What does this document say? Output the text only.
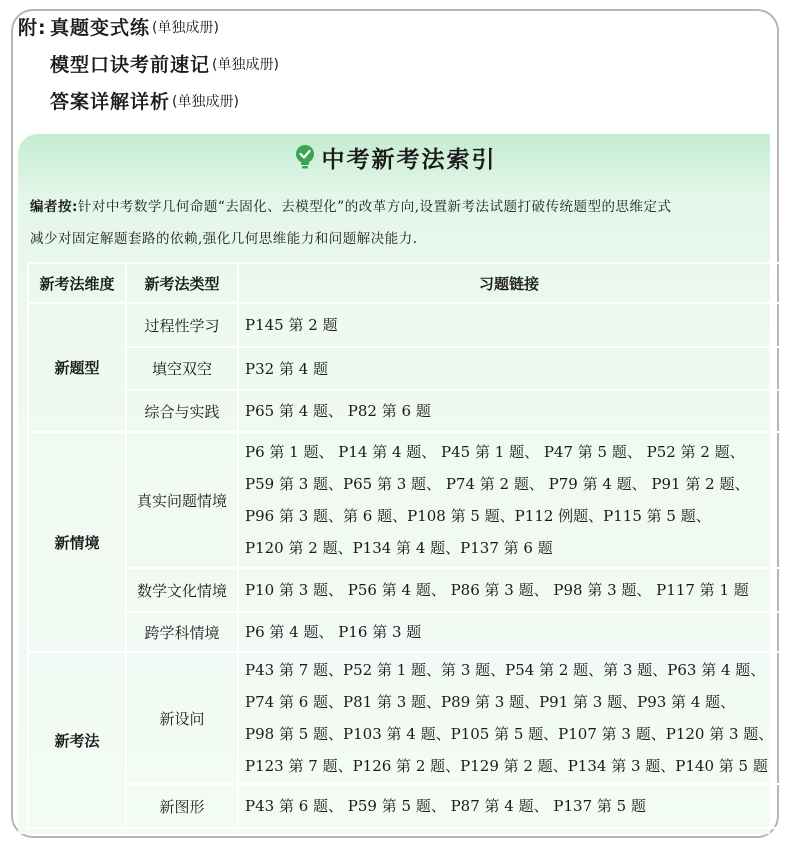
附: 真题变式练 (单独成册)
模型口诀考前速记 (单独成册)
答案详解详析 (单独成册)
中考新考法索引
编者按:针对中考数学几何命题“去固化、去模型化”的改革方向,设置新考法试题打破传统题型的思维定式
减少对固定解题套路的依赖,强化几何思维能力和问题解决能力.
新考法维度	新考法类型	习题链接
新题型	过程性学习	P145 第 2 题

	填空双空	P32 第 4 题

	综合与实践	P65 第 4 题、 P82 第 6 题

新情境	真实问题情境	P6 第 1 题、 P14 第 4 题、 P45 第 1 题、 P47 第 5 题、 P52 第 2 题、
P59 第 3 题、P65 第 3 题、 P74 第 2 题、 P79 第 4 题、 P91 第 2 题、
P96 第 3 题、第 6 题、P108 第 5 题、P112 例题、P115 第 5 题、
P120 第 2 题、P134 第 4 题、P137 第 6 题

	数学文化情境	P10 第 3 题、 P56 第 4 题、 P86 第 3 题、 P98 第 3 题、 P117 第 1 题

	跨学科情境	P6 第 4 题、 P16 第 3 题

新考法	新设问	P43 第 7 题、P52 第 1 题、第 3 题、P54 第 2 题、第 3 题、P63 第 4 题、
P74 第 6 题、P81 第 3 题、P89 第 3 题、P91 第 3 题、P93 第 4 题、
P98 第 5 题、P103 第 4 题、P105 第 5 题、P107 第 3 题、P120 第 3 题、
P123 第 7 题、P126 第 2 题、P129 第 2 题、P134 第 3 题、P140 第 5 题

	新图形	P43 第 6 题、 P59 第 5 题、 P87 第 4 题、 P137 第 5 题
